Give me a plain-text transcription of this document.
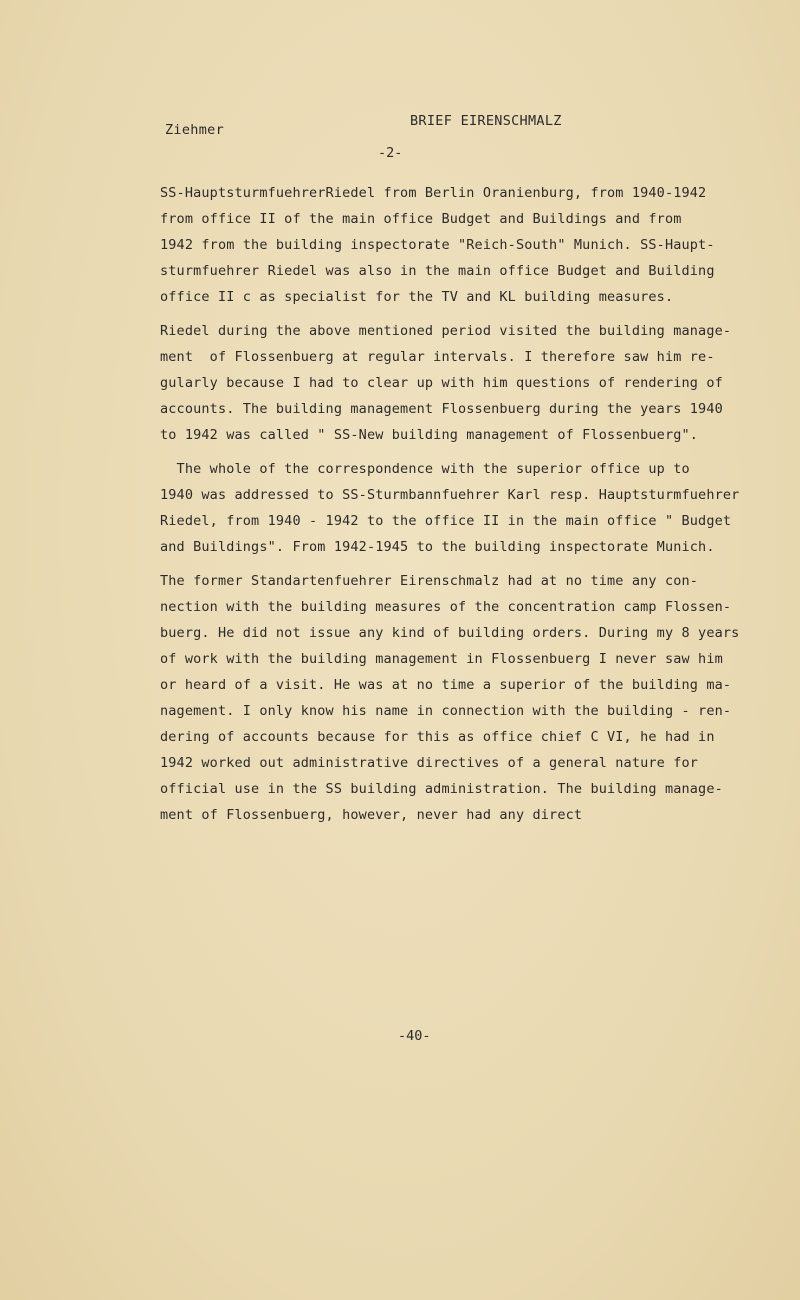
Ziehmer
BRIEF EIRENSCHMALZ
-2-
SS-HauptsturmfuehrerRiedel from Berlin Oranienburg, from 1940-1942
from office II of the main office Budget and Buildings and from
1942 from the building inspectorate "Reich-South" Munich. SS-Haupt-
sturmfuehrer Riedel was also in the main office Budget and Building
office II c as specialist for the TV and KL building measures.
Riedel during the above mentioned period visited the building manage-
ment  of Flossenbuerg at regular intervals. I therefore saw him re-
gularly because I had to clear up with him questions of rendering of
accounts. The building management Flossenbuerg during the years 1940
to 1942 was called " SS-New building management of Flossenbuerg".
The whole of the correspondence with the superior office up to
1940 was addressed to SS-Sturmbannfuehrer Karl resp. Hauptsturmfuehrer
Riedel, from 1940 - 1942 to the office II in the main office " Budget
and Buildings". From 1942-1945 to the building inspectorate Munich.
The former Standartenfuehrer Eirenschmalz had at no time any con-
nection with the building measures of the concentration camp Flossen-
buerg. He did not issue any kind of building orders. During my 8 years
of work with the building management in Flossenbuerg I never saw him
or heard of a visit. He was at no time a superior of the building ma-
nagement. I only know his name in connection with the building - ren-
dering of accounts because for this as office chief C VI, he had in
1942 worked out administrative directives of a general nature for
official use in the SS building administration. The building manage-
ment of Flossenbuerg, however, never had any direct
-40-
